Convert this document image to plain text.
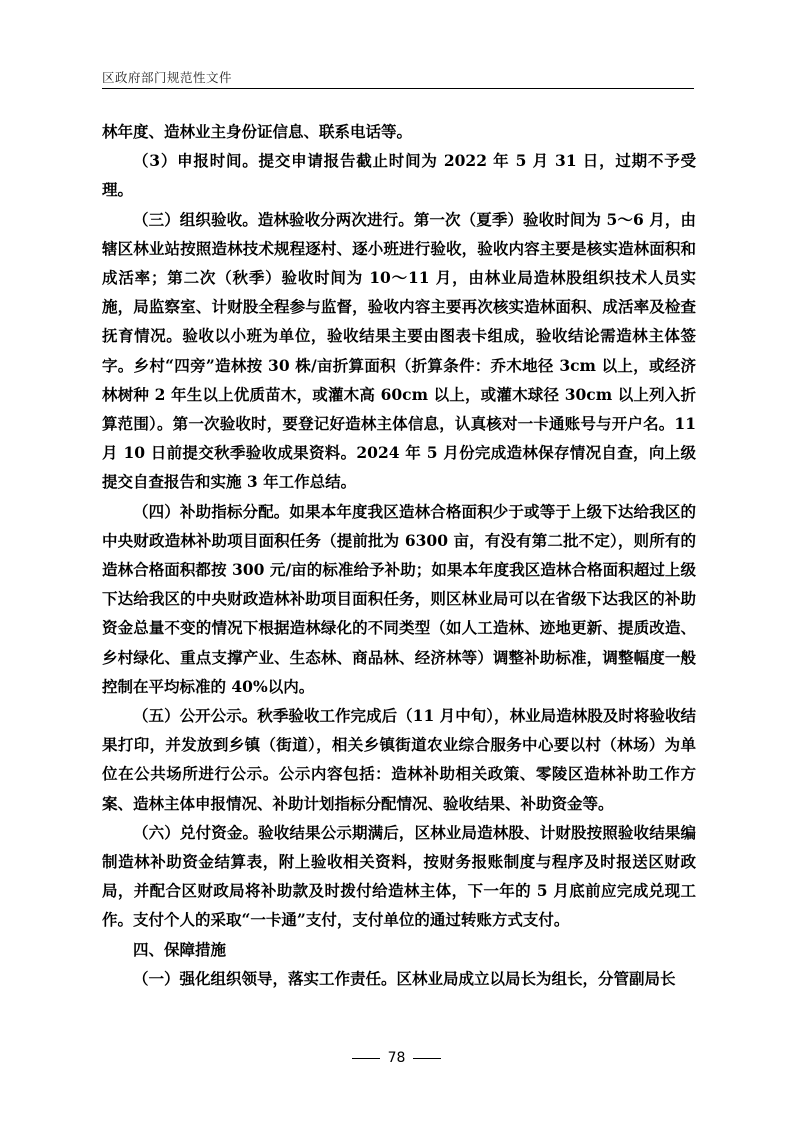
区政府部门规范性文件

林年度、造林业主身份证信息、联系电话等。

（3）申报时间。提交申请报告截止时间为 2022 年 5 月 31 日，过期不予受理。

（三）组织验收。造林验收分两次进行。第一次（夏季）验收时间为 5～6 月，由辖区林业站按照造林技术规程逐村、逐小班进行验收，验收内容主要是核实造林面积和成活率；第二次（秋季）验收时间为 10～11 月，由林业局造林股组织技术人员实施，局监察室、计财股全程参与监督，验收内容主要再次核实造林面积、成活率及检查抚育情况。验收以小班为单位，验收结果主要由图表卡组成，验收结论需造林主体签字。乡村“四旁”造林按 30 株/亩折算面积（折算条件：乔木地径 3cm 以上，或经济林树种 2 年生以上优质苗木，或灌木高 60cm 以上，或灌木球径 30cm 以上列入折算范围）。第一次验收时，要登记好造林主体信息，认真核对一卡通账号与开户名。11 月 10 日前提交秋季验收成果资料。2024 年 5 月份完成造林保存情况自查，向上级提交自查报告和实施 3 年工作总结。

（四）补助指标分配。如果本年度我区造林合格面积少于或等于上级下达给我区的中央财政造林补助项目面积任务（提前批为 6300 亩，有没有第二批不定），则所有的造林合格面积都按 300 元/亩的标准给予补助；如果本年度我区造林合格面积超过上级下达给我区的中央财政造林补助项目面积任务，则区林业局可以在省级下达我区的补助资金总量不变的情况下根据造林绿化的不同类型（如人工造林、迹地更新、提质改造、乡村绿化、重点支撑产业、生态林、商品林、经济林等）调整补助标准，调整幅度一般控制在平均标准的 40%以内。

（五）公开公示。秋季验收工作完成后（11 月中旬），林业局造林股及时将验收结果打印，并发放到乡镇（街道），相关乡镇街道农业综合服务中心要以村（林场）为单位在公共场所进行公示。公示内容包括：造林补助相关政策、零陵区造林补助工作方案、造林主体申报情况、补助计划指标分配情况、验收结果、补助资金等。

（六）兑付资金。验收结果公示期满后，区林业局造林股、计财股按照验收结果编制造林补助资金结算表，附上验收相关资料，按财务报账制度与程序及时报送区财政局，并配合区财政局将补助款及时拨付给造林主体，下一年的 5 月底前应完成兑现工作。支付个人的采取“一卡通”支付，支付单位的通过转账方式支付。

四、保障措施

（一）强化组织领导，落实工作责任。区林业局成立以局长为组长，分管副局长

78
